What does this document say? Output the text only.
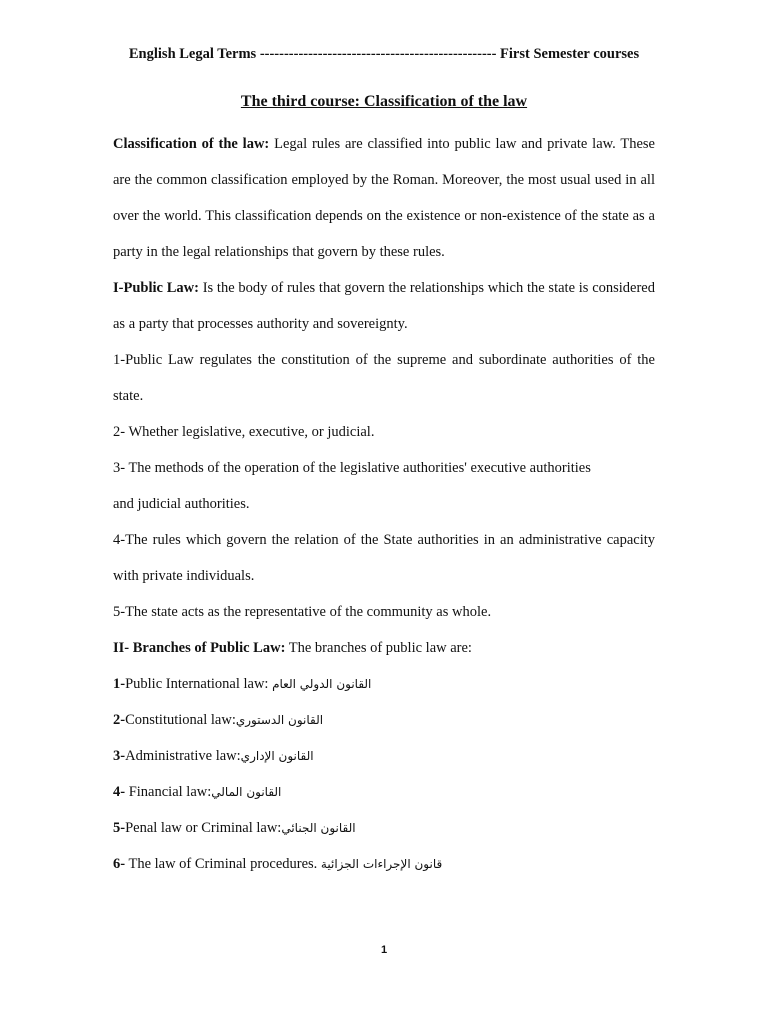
English Legal Terms ------------------------------------------------- First Semester courses
The third course: Classification of the law

Classification of the law: Legal rules are classified into public law and private law. These are the common classification employed by the Roman. Moreover, the most usual used in all over the world. This classification depends on the existence or non-existence of the state as a party in the legal relationships that govern by these rules.

I-Public Law: Is the body of rules that govern the relationships which the state is considered as a party that processes authority and sovereignty.

1-Public Law regulates the constitution of the supreme and subordinate authorities of the state.

2- Whether legislative, executive, or judicial.

3- The methods of the operation of the legislative authorities' executive authorities

and judicial authorities.

4-The rules which govern the relation of the State authorities in an administrative capacity with private individuals.

5-The state acts as the representative of the community as whole.

II- Branches of Public Law: The branches of public law are:

1-Public International law: القانون الدولي العام

2-Constitutional law:القانون الدستوري

3-Administrative law:القانون الإداري

4- Financial law:القانون المالي

5-Penal law or Criminal law:القانون الجنائي

6- The law of Criminal procedures. قانون الإجراءات الجزائية

1
